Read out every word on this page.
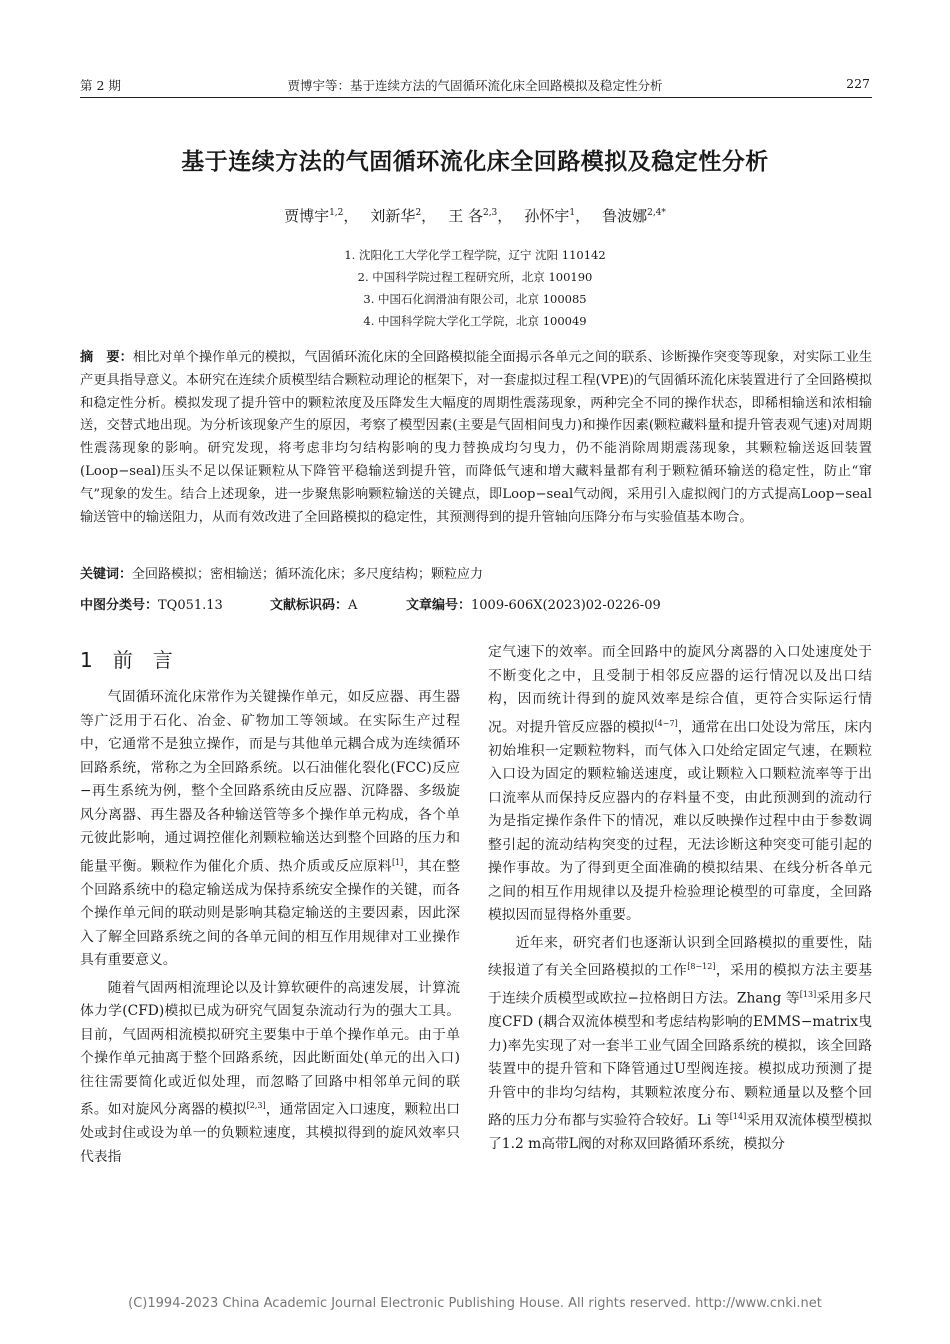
第 2 期	贾博宇等：基于连续方法的气固循环流化床全回路模拟及稳定性分析	227
基于连续方法的气固循环流化床全回路模拟及稳定性分析
贾博宇$^{1,2}$， 刘新华$^2$， 王 各$^{2,3}$， 孙怀宇$^1$， 鲁波娜$^{2,4*}$
1. 沈阳化工大学化学工程学院，辽宁 沈阳 110142
2. 中国科学院过程工程研究所，北京 100190
3. 中国石化润滑油有限公司，北京 100085
4. 中国科学院大学化工学院，北京 100049
摘　要：相比对单个操作单元的模拟，气固循环流化床的全回路模拟能全面揭示各单元之间的联系、诊断操作突变等现象，对实际工业生产更具指导意义。本研究在连续介质模型结合颗粒动理论的框架下，对一套虚拟过程工程(VPE)的气固循环流化床装置进行了全回路模拟和稳定性分析。模拟发现了提升管中的颗粒浓度及压降发生大幅度的周期性震荡现象，两种完全不同的操作状态，即稀相输送和浓相输送，交替式地出现。为分析该现象产生的原因，考察了模型因素(主要是气固相间曳力)和操作因素(颗粒藏料量和提升管表观气速)对周期性震荡现象的影响。研究发现，将考虑非均匀结构影响的曳力替换成均匀曳力，仍不能消除周期震荡现象，其颗粒输送返回装置(Loop−seal)压头不足以保证颗粒从下降管平稳输送到提升管，而降低气速和增大藏料量都有利于颗粒循环输送的稳定性，防止“窜气”现象的发生。结合上述现象，进一步聚焦影响颗粒输送的关键点，即Loop−seal气动阀，采用引入虚拟阀门的方式提高Loop−seal输送管中的输送阻力，从而有效改进了全回路模拟的稳定性，其预测得到的提升管轴向压降分布与实验值基本吻合。
关键词：全回路模拟；密相输送；循环流化床；多尺度结构；颗粒应力
中图分类号：TQ051.13	文献标识码：A	文章编号：1009-606X(2023)02-0226-09
1 前　言

气固循环流化床常作为关键操作单元，如反应器、再生器等广泛用于石化、冶金、矿物加工等领域。在实际生产过程中，它通常不是独立操作，而是与其他单元耦合成为连续循环回路系统，常称之为全回路系统。以石油催化裂化(FCC)反应−再生系统为例，整个全回路系统由反应器、沉降器、多级旋风分离器、再生器及各种输送管等多个操作单元构成，各个单元彼此影响，通过调控催化剂颗粒输送达到整个回路的压力和能量平衡。颗粒作为催化介质、热介质或反应原料[1]，其在整个回路系统中的稳定输送成为保持系统安全操作的关键，而各个操作单元间的联动则是影响其稳定输送的主要因素，因此深入了解全回路系统之间的各单元间的相互作用规律对工业操作具有重要意义。

随着气固两相流理论以及计算软硬件的高速发展，计算流体力学(CFD)模拟已成为研究气固复杂流动行为的强大工具。目前，气固两相流模拟研究主要集中于单个操作单元。由于单个操作单元抽离于整个回路系统，因此断面处(单元的出入口)往往需要简化或近似处理，而忽略了回路中相邻单元间的联系。如对旋风分离器的模拟[2,3]，通常固定入口速度，颗粒出口处或封住或设为单一的负颗粒速度，其模拟得到的旋风效率只代表指

定气速下的效率。而全回路中的旋风分离器的入口处速度处于不断变化之中，且受制于相邻反应器的运行情况以及出口结构，因而统计得到的旋风效率是综合值，更符合实际运行情况。对提升管反应器的模拟[4−7]，通常在出口处设为常压，床内初始堆积一定颗粒物料，而气体入口处给定固定气速，在颗粒入口设为固定的颗粒输送速度，或让颗粒入口颗粒流率等于出口流率从而保持反应器内的存料量不变，由此预测到的流动行为是指定操作条件下的情况，难以反映操作过程中由于参数调整引起的流动结构突变的过程，无法诊断这种突变可能引起的操作事故。为了得到更全面准确的模拟结果、在线分析各单元之间的相互作用规律以及提升检验理论模型的可靠度，全回路模拟因而显得格外重要。

近年来，研究者们也逐渐认识到全回路模拟的重要性，陆续报道了有关全回路模拟的工作[8−12]，采用的模拟方法主要基于连续介质模型或欧拉−拉格朗日方法。Zhang 等[13]采用多尺度CFD (耦合双流体模型和考虑结构影响的EMMS−matrix曳力)率先实现了对一套半工业气固全回路系统的模拟，该全回路装置中的提升管和下降管通过U型阀连接。模拟成功预测了提升管中的非均匀结构，其颗粒浓度分布、颗粒通量以及整个回路的压力分布都与实验符合较好。Li 等[14]采用双流体模型模拟了1.2 m高带L阀的对称双回路循环系统，模拟分

(C)1994-2023 China Academic Journal Electronic Publishing House. All rights reserved. http://www.cnki.net
